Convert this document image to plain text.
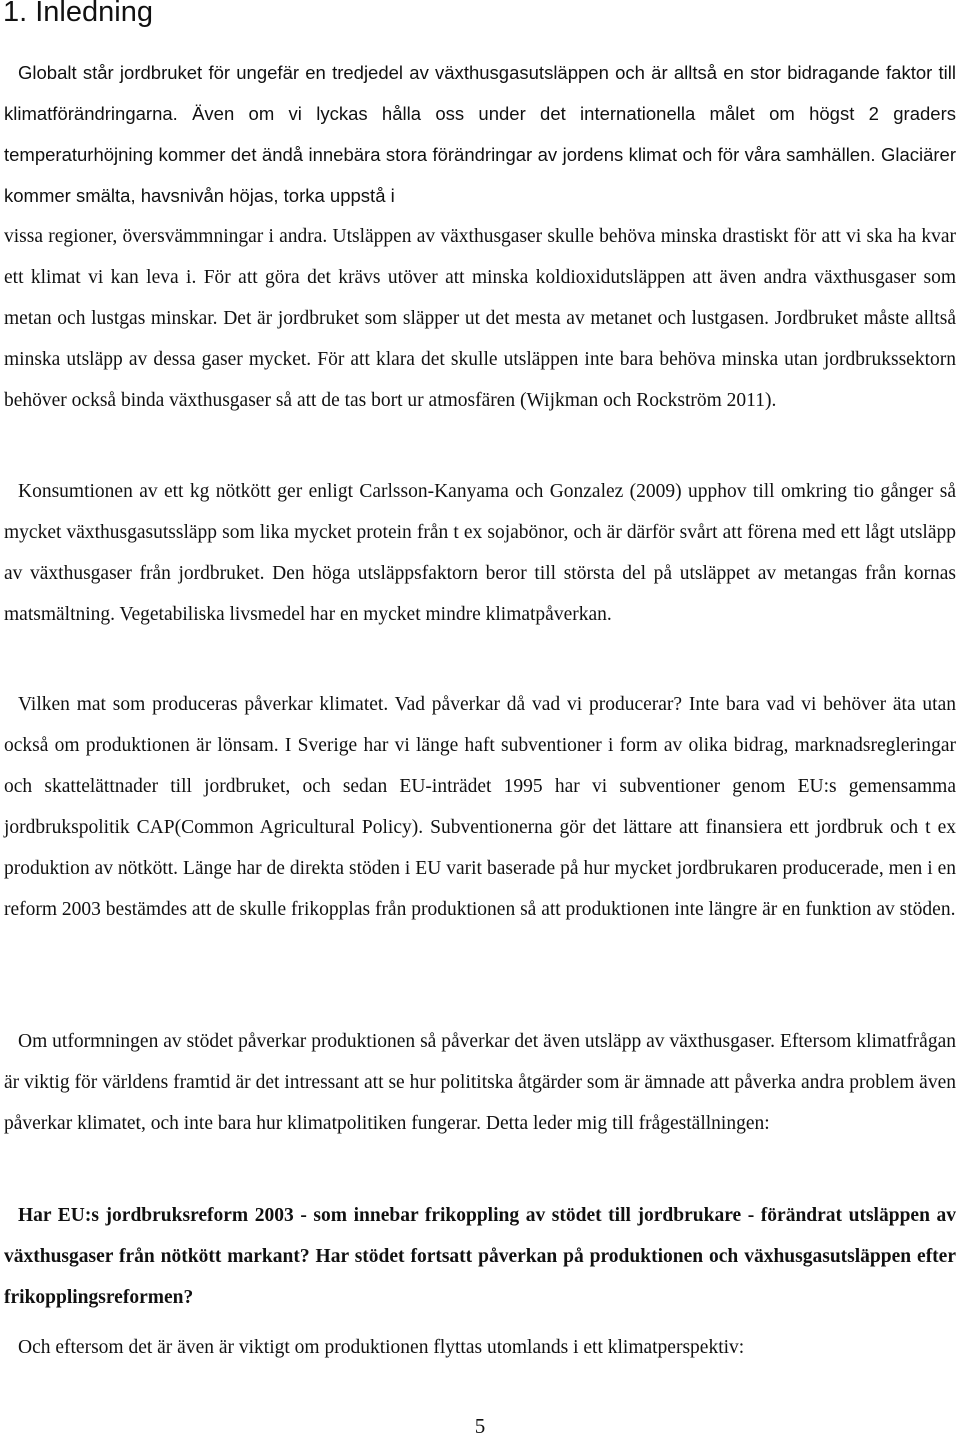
1. Inledning

Globalt står jordbruket för ungefär en tredjedel av växthusgasutsläppen och är alltså en stor bidragande faktor till klimatförändringarna. Även om vi lyckas hålla oss under det internationella målet om högst 2 graders temperaturhöjning kommer det ändå innebära stora förändringar av jordens klimat och för våra samhällen. Glaciärer kommer smälta, havsnivån höjas, torka uppstå i

vissa regioner, översvämmningar i andra. Utsläppen av växthusgaser skulle behöva minska drastiskt för att vi ska ha kvar ett klimat vi kan leva i. För att göra det krävs utöver att minska koldioxidutsläppen att även andra växthusgaser som metan och lustgas minskar. Det är jordbruket som släpper ut det mesta av metanet och lustgasen. Jordbruket måste alltså minska utsläpp av dessa gaser mycket. För att klara det skulle utsläppen inte bara behöva minska utan jordbrukssektorn behöver också binda växthusgaser så att de tas bort ur atmosfären (Wijkman och Rockström 2011).

Konsumtionen av ett kg nötkött ger enligt Carlsson-Kanyama och Gonzalez (2009) upphov till omkring tio gånger så mycket växthusgasutssläpp som lika mycket protein från t ex sojabönor, och är därför svårt att förena med ett lågt utsläpp av växthusgaser från jordbruket. Den höga utsläppsfaktorn beror till största del på utsläppet av metangas från kornas matsmältning. Vegetabiliska livsmedel har en mycket mindre klimatpåverkan.

Vilken mat som produceras påverkar klimatet. Vad påverkar då vad vi producerar? Inte bara vad vi behöver äta utan också om produktionen är lönsam. I Sverige har vi länge haft subventioner i form av olika bidrag, marknadsregleringar och skattelättnader till jordbruket, och sedan EU-inträdet 1995 har vi subventioner genom EU:s gemensamma jordbrukspolitik CAP(Common Agricultural Policy). Subventionerna gör det lättare att finansiera ett jordbruk och t ex produktion av nötkött. Länge har de direkta stöden i EU varit baserade på hur mycket jordbrukaren producerade, men i en reform 2003 bestämdes att de skulle frikopplas från produktionen så att produktionen inte längre är en funktion av stöden.

Om utformningen av stödet påverkar produktionen så påverkar det även utsläpp av växthusgaser. Eftersom klimatfrågan är viktig för världens framtid är det intressant att se hur polititska åtgärder som är ämnade att påverka andra problem även påverkar klimatet, och inte bara hur klimatpolitiken fungerar. Detta leder mig till frågeställningen:

Har EU:s jordbruksreform 2003 - som innebar frikoppling av stödet till jordbrukare - förändrat utsläppen av växthusgaser från nötkött markant? Har stödet fortsatt påverkan på produktionen och växhusgasutsläppen efter frikopplingsreformen?

Och eftersom det är även är viktigt om produktionen flyttas utomlands i ett klimatperspektiv:

5
